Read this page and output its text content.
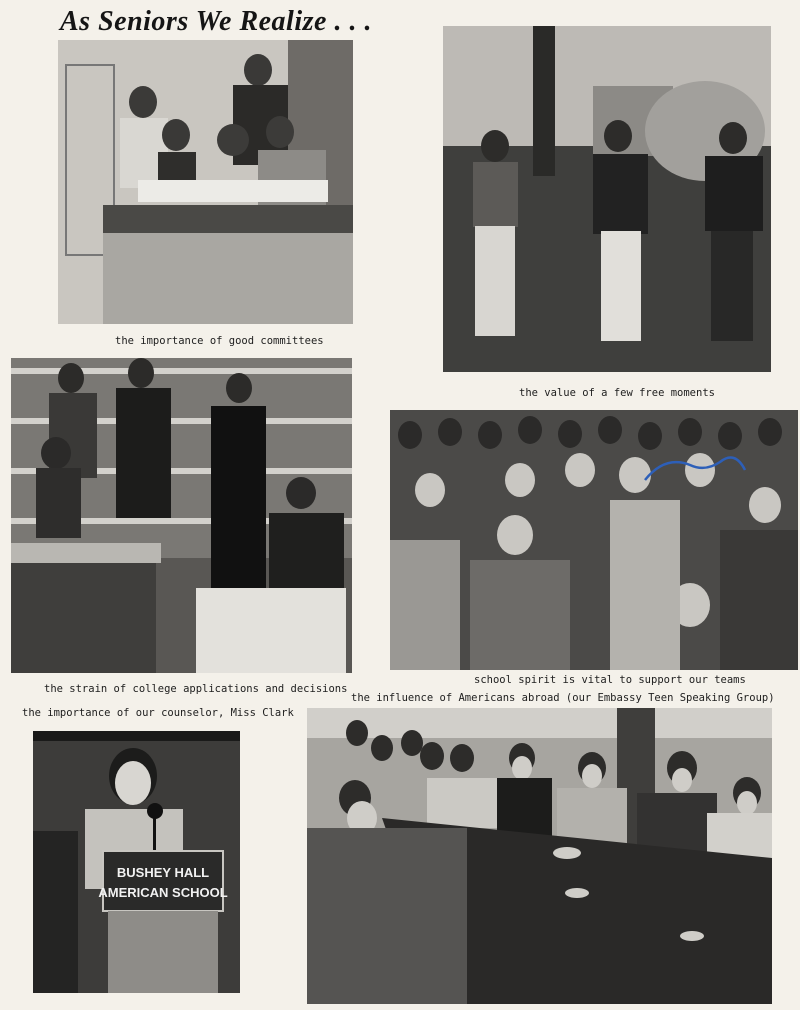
As Seniors We Realize . . .
the importance of good committees
the value of a few free moments
the strain of college applications and decisions
school spirit is vital to support our teams
the influence of Americans abroad (our Embassy Teen Speaking Group)
the importance of our counselor, Miss Clark
BUSHEY HALL
AMERICAN SCHOOL
